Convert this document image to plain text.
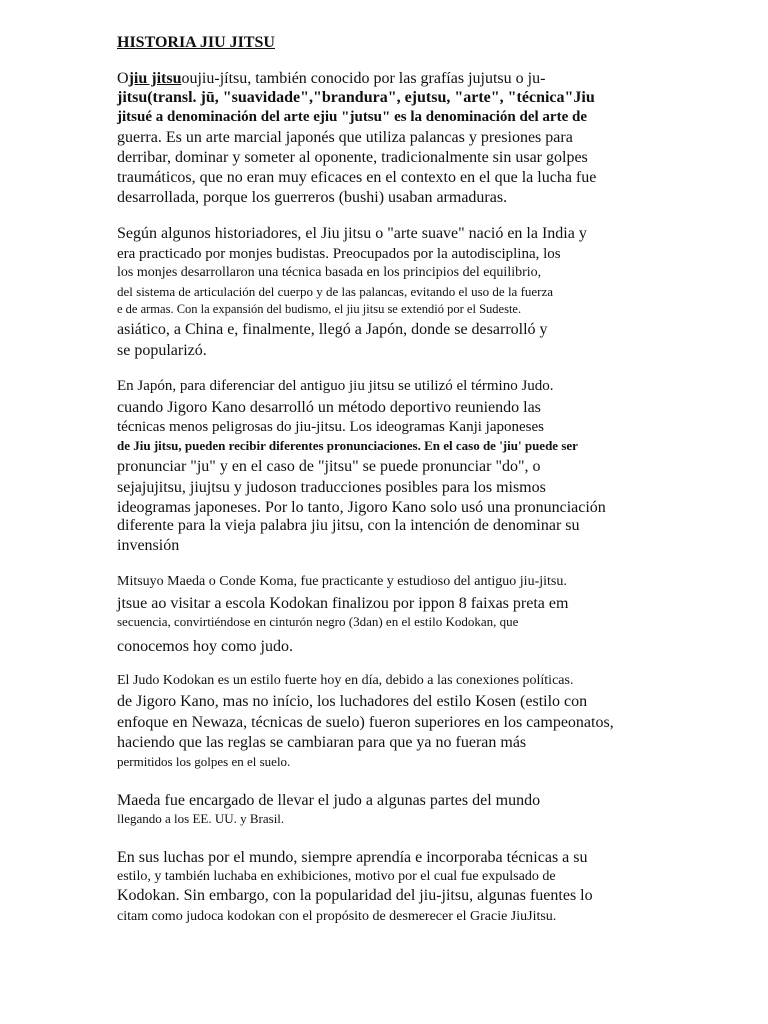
HISTORIA JIU JITSU
Ojiu jitsuoujiu-jítsu, también conocido por las grafías jujutsu o ju-
jitsu(transl. jū, "suavidade","brandura", ejutsu, "arte", "técnica"Jiu
jitsué a denominación del arte ejiu "jutsu" es la denominación del arte de
guerra. Es un arte marcial japonés que utiliza palancas y presiones para
derribar, dominar y someter al oponente, tradicionalmente sin usar golpes
traumáticos, que no eran muy eficaces en el contexto en el que la lucha fue
desarrollada, porque los guerreros (bushi) usaban armaduras.
Según algunos historiadores, el Jiu jitsu o "arte suave" nació en la India y
era practicado por monjes budistas. Preocupados por la autodisciplina, los
los monjes desarrollaron una técnica basada en los principios del equilibrio,
del sistema de articulación del cuerpo y de las palancas, evitando el uso de la fuerza
e de armas. Con la expansión del budismo, el jiu jitsu se extendió por el Sudeste.
asiático, a China e, finalmente, llegó a Japón, donde se desarrolló y
se popularizó.
En Japón, para diferenciar del antiguo jiu jitsu se utilizó el término Judo.
cuando Jigoro Kano desarrolló un método deportivo reuniendo las
técnicas menos peligrosas do jiu-jitsu. Los ideogramas Kanji japoneses
de Jiu jitsu, pueden recibir diferentes pronunciaciones. En el caso de 'jiu' puede ser
pronunciar "ju" y en el caso de "jitsu" se puede pronunciar "do", o
sejajujitsu, jiujtsu y judoson traducciones posibles para los mismos
ideogramas japoneses. Por lo tanto, Jigoro Kano solo usó una pronunciación
diferente para la vieja palabra jiu jitsu, con la intención de denominar su
invensión
Mitsuyo Maeda o Conde Koma, fue practicante y estudioso del antiguo jiu-jitsu.
jtsue ao visitar a escola Kodokan finalizou por ippon 8 faixas preta em
secuencia, convirtiéndose en cinturón negro (3dan) en el estilo Kodokan, que
conocemos hoy como judo.
El Judo Kodokan es un estilo fuerte hoy en día, debido a las conexiones políticas.
de Jigoro Kano, mas no início, los luchadores del estilo Kosen (estilo con
enfoque en Newaza, técnicas de suelo) fueron superiores en los campeonatos,
haciendo que las reglas se cambiaran para que ya no fueran más
permitidos los golpes en el suelo.
Maeda fue encargado de llevar el judo a algunas partes del mundo
llegando a los EE. UU. y Brasil.
En sus luchas por el mundo, siempre aprendía e incorporaba técnicas a su
estilo, y también luchaba en exhibiciones, motivo por el cual fue expulsado de
Kodokan. Sin embargo, con la popularidad del jiu-jitsu, algunas fuentes lo
citam como judoca kodokan con el propósito de desmerecer el Gracie JiuJitsu.
